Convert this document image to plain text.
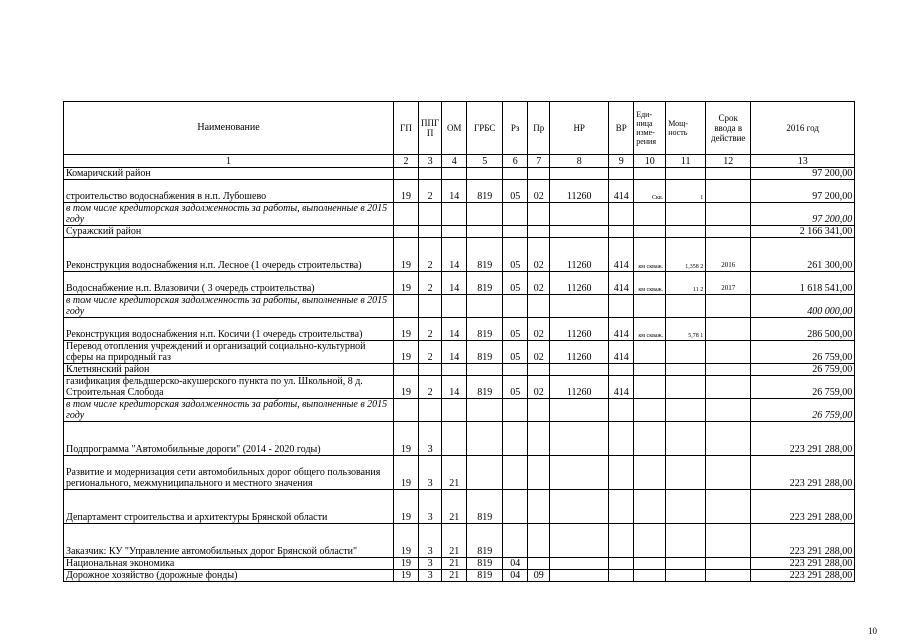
Наименование	ГП	ППГ П	ОМ	ГРБС	Рз	Пр	НР	ВР	Еди- ница изме- рения	Мощ- ность	Срок ввода в действие	2016 год
1	2	3	4	5	6	7	8	9	10	11	12	13
Комаричский район												97 200,00
строительство водоснабжения в н.п. Лубошево	19	2	14	819	05	02	11260	414	Скв.	1		97 200,00
в том числе кредиторская задолженность за работы, выполненные в 2015 году												97 200,00
Суражский район												2 166 341,00
Реконструкция водоснабжения н.п. Лесное (1 очередь строительства)	19	2	14	819	05	02	11260	414	км скваж.	1,358 2	2016	261 300,00
Водоснабжение н.п. Влазовичи ( 3 очередь строительства)	19	2	14	819	05	02	11260	414	км скваж.	11 2	2017	1 618 541,00
в том числе кредиторская задолженность за работы, выполненные в 2015 году												400 000,00
Реконструкция водоснабжения н.п. Косичи (1 очередь строительства)	19	2	14	819	05	02	11260	414	км скваж.	5,78 1		286 500,00
Перевод отопления учреждений и организаций социально-культурной сферы на природный газ	19	2	14	819	05	02	11260	414				26 759,00
Клетнянский район												26 759,00
газификация фельдшерско-акушерского пункта по ул. Школьной, 8 д. Строительная Слобода	19	2	14	819	05	02	11260	414				26 759,00
в том числе кредиторская задолженность за работы, выполненные в 2015 году												26 759,00
Подпрограмма "Автомобильные дороги" (2014 - 2020 годы)	19	3										223 291 288,00
Развитие и модернизация сети автомобильных дорог общего пользования регионального, межмуниципального и местного значения	19	3	21									223 291 288,00
Департамент строительства и архитектуры Брянской области	19	3	21	819								223 291 288,00
Заказчик: КУ "Управление автомобильных дорог Брянской области"	19	3	21	819								223 291 288,00
Национальная экономика	19	3	21	819	04							223 291 288,00
Дорожное хозяйство (дорожные фонды)	19	3	21	819	04	09						223 291 288,00
10
